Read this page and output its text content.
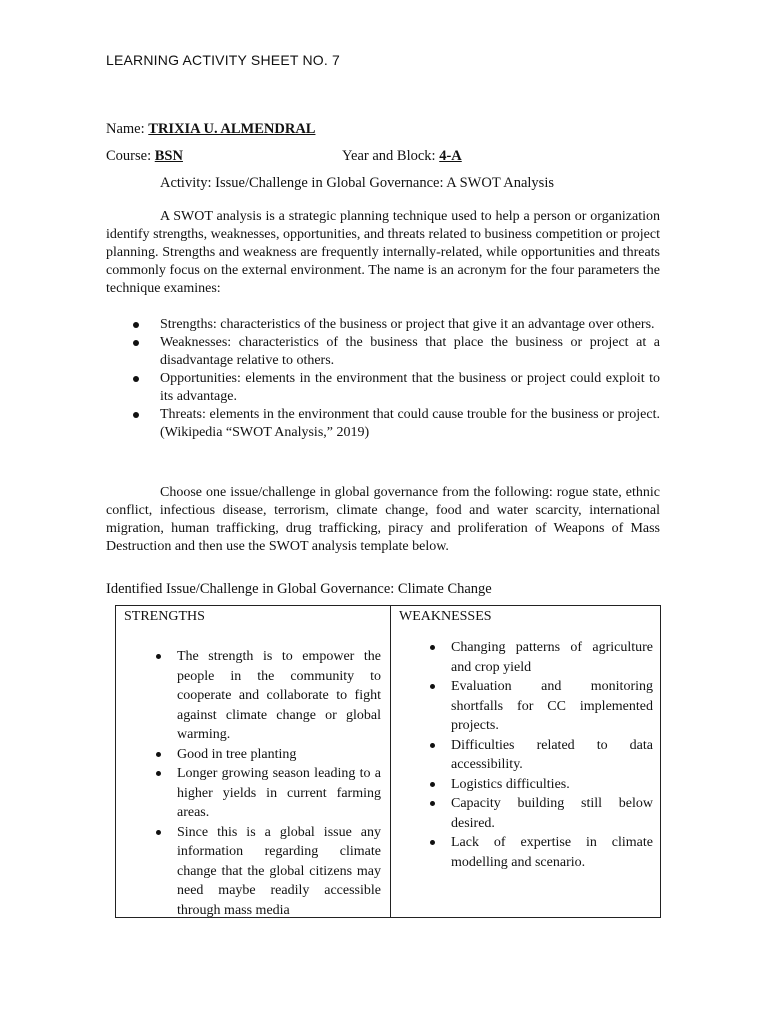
LEARNING ACTIVITY SHEET NO. 7
Name: TRIXIA U. ALMENDRAL
Course: BSN	Year and Block: 4-A
Activity: Issue/Challenge in Global Governance: A SWOT Analysis
A SWOT analysis is a strategic planning technique used to help a person or organization identify strengths, weaknesses, opportunities, and threats related to business competition or project planning. Strengths and weakness are frequently internally-related, while opportunities and threats commonly focus on the external environment. The name is an acronym for the four parameters the technique examines:
Strengths: characteristics of the business or project that give it an advantage over others.
Weaknesses: characteristics of the business that place the business or project at a disadvantage relative to others.
Opportunities: elements in the environment that the business or project could exploit to its advantage.
Threats: elements in the environment that could cause trouble for the business or project. (Wikipedia “SWOT Analysis,” 2019)
Choose one issue/challenge in global governance from the following: rogue state, ethnic conflict, infectious disease, terrorism, climate change, food and water scarcity, international migration, human trafficking, drug trafficking, piracy and proliferation of Weapons of Mass Destruction and then use the SWOT analysis template below.
Identified Issue/Challenge in Global Governance: Climate Change
STRENGTHS	WEAKNESSES
The strength is to empower the people in the community to cooperate and collaborate to fight against climate change or global warming.
Good in tree planting
Longer growing season leading to a higher yields in current farming areas.
Since this is a global issue any information regarding climate change that the global citizens may need maybe readily accessible through mass media
Changing patterns of agriculture and crop yield
Evaluation and monitoring shortfalls for CC implemented projects.
Difficulties related to data accessibility.
Logistics difficulties.
Capacity building still below desired.
Lack of expertise in climate modelling and scenario.
